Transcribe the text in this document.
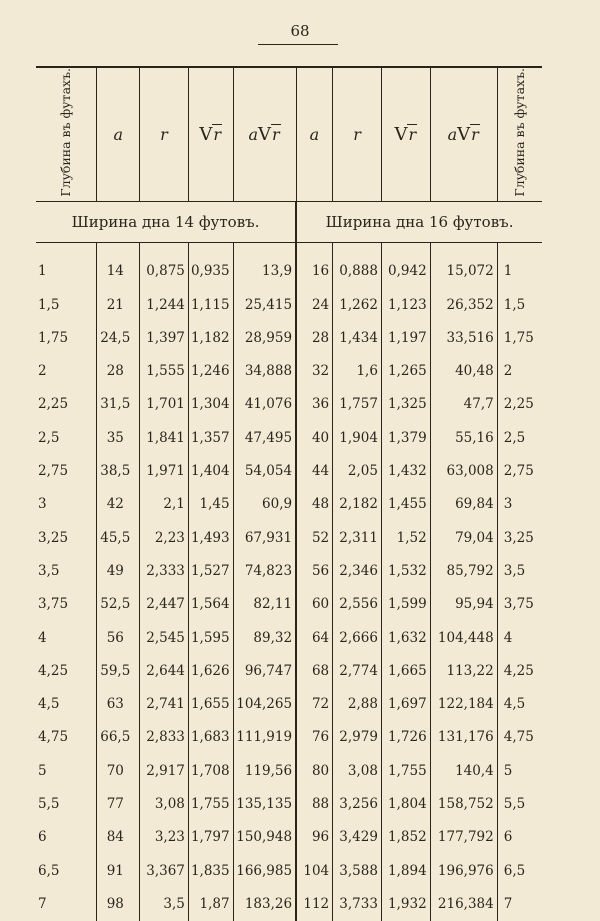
68
Глубина въ футахъ.	a	r	Vr	aVr	a	r	Vr	aVr	Глубина въ футахъ.
Ширина дна 14 футовъ.					Ширина дна 16 футовъ.				

1	14	0,875	0,935	13,9	16	0,888	0,942	15,072	1
1,5	21	1,244	1,115	25,415	24	1,262	1,123	26,352	1,5
1,75	24,5	1,397	1,182	28,959	28	1,434	1,197	33,516	1,75
2	28	1,555	1,246	34,888	32	1,6	1,265	40,48	2
2,25	31,5	1,701	1,304	41,076	36	1,757	1,325	47,7	2,25
2,5	35	1,841	1,357	47,495	40	1,904	1,379	55,16	2,5
2,75	38,5	1,971	1,404	54,054	44	2,05	1,432	63,008	2,75
3	42	2,1	1,45	60,9	48	2,182	1,455	69,84	3
3,25	45,5	2,23	1,493	67,931	52	2,311	1,52	79,04	3,25
3,5	49	2,333	1,527	74,823	56	2,346	1,532	85,792	3,5
3,75	52,5	2,447	1,564	82,11	60	2,556	1,599	95,94	3,75
4	56	2,545	1,595	89,32	64	2,666	1,632	104,448	4
4,25	59,5	2,644	1,626	96,747	68	2,774	1,665	113,22	4,25
4,5	63	2,741	1,655	104,265	72	2,88	1,697	122,184	4,5
4,75	66,5	2,833	1,683	111,919	76	2,979	1,726	131,176	4,75
5	70	2,917	1,708	119,56	80	3,08	1,755	140,4	5
5,5	77	3,08	1,755	135,135	88	3,256	1,804	158,752	5,5
6	84	3,23	1,797	150,948	96	3,429	1,852	177,792	6
6,5	91	3,367	1,835	166,985	104	3,588	1,894	196,976	6,5
7	98	3,5	1,87	183,26	112	3,733	1,932	216,384	7
